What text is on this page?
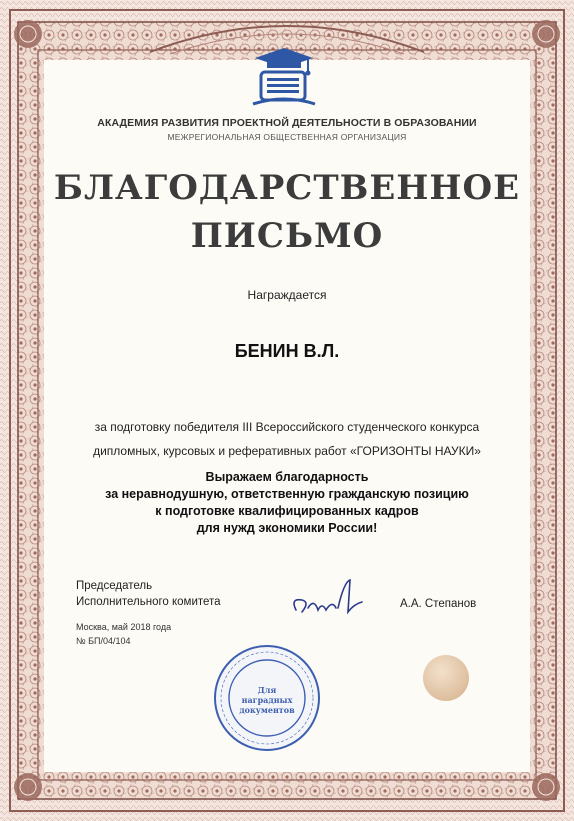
АКАДЕМИЯ РАЗВИТИЯ ПРОЕКТНОЙ ДЕЯТЕЛЬНОСТИ В ОБРАЗОВАНИИ
МЕЖРЕГИОНАЛЬНАЯ ОБЩЕСТВЕННАЯ ОРГАНИЗАЦИЯ
БЛАГОДАРСТВЕННОЕ
ПИСЬМО
Награждается
БЕНИН В.Л.
за подготовку победителя III Всероссийского студенческого конкурса
дипломных, курсовых и реферативных работ «ГОРИЗОНТЫ НАУКИ»
Выражаем благодарность
за неравнодушную, ответственную гражданскую позицию
к подготовке квалифицированных кадров
для нужд экономики России!
Председатель
Исполнительного комитета	А.А. Степанов
Москва, май 2018 года
№ БП/04/104
Для
наградных
документов
